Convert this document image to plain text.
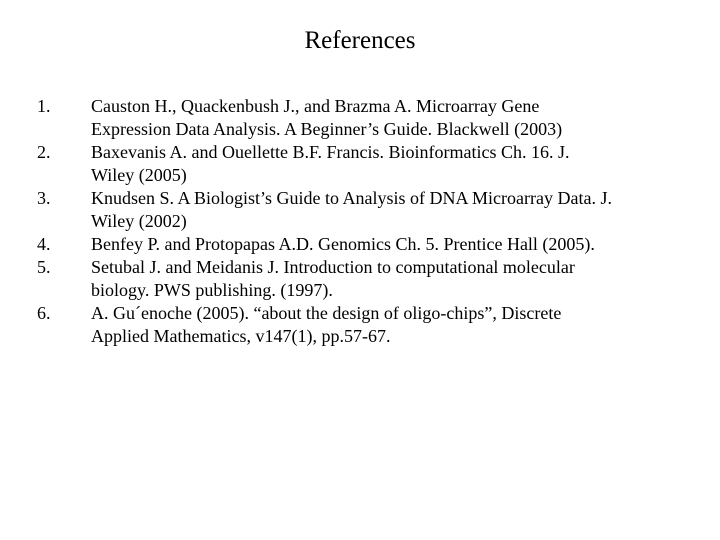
References
1.	Causton H., Quackenbush J., and Brazma A. Microarray Gene
Expression Data Analysis. A Beginner’s Guide. Blackwell (2003)
2.	Baxevanis A. and Ouellette B.F. Francis. Bioinformatics Ch. 16. J.
Wiley (2005)
3.	Knudsen S. A Biologist’s Guide to Analysis of DNA Microarray Data. J.
Wiley (2002)
4.	Benfey P. and Protopapas A.D. Genomics Ch. 5. Prentice Hall (2005).
5.	Setubal J. and Meidanis J. Introduction to computational molecular
biology. PWS publishing. (1997).
6.	A. Gu´enoche (2005). “about the design of oligo-chips”, Discrete
Applied Mathematics, v147(1), pp.57-67.
